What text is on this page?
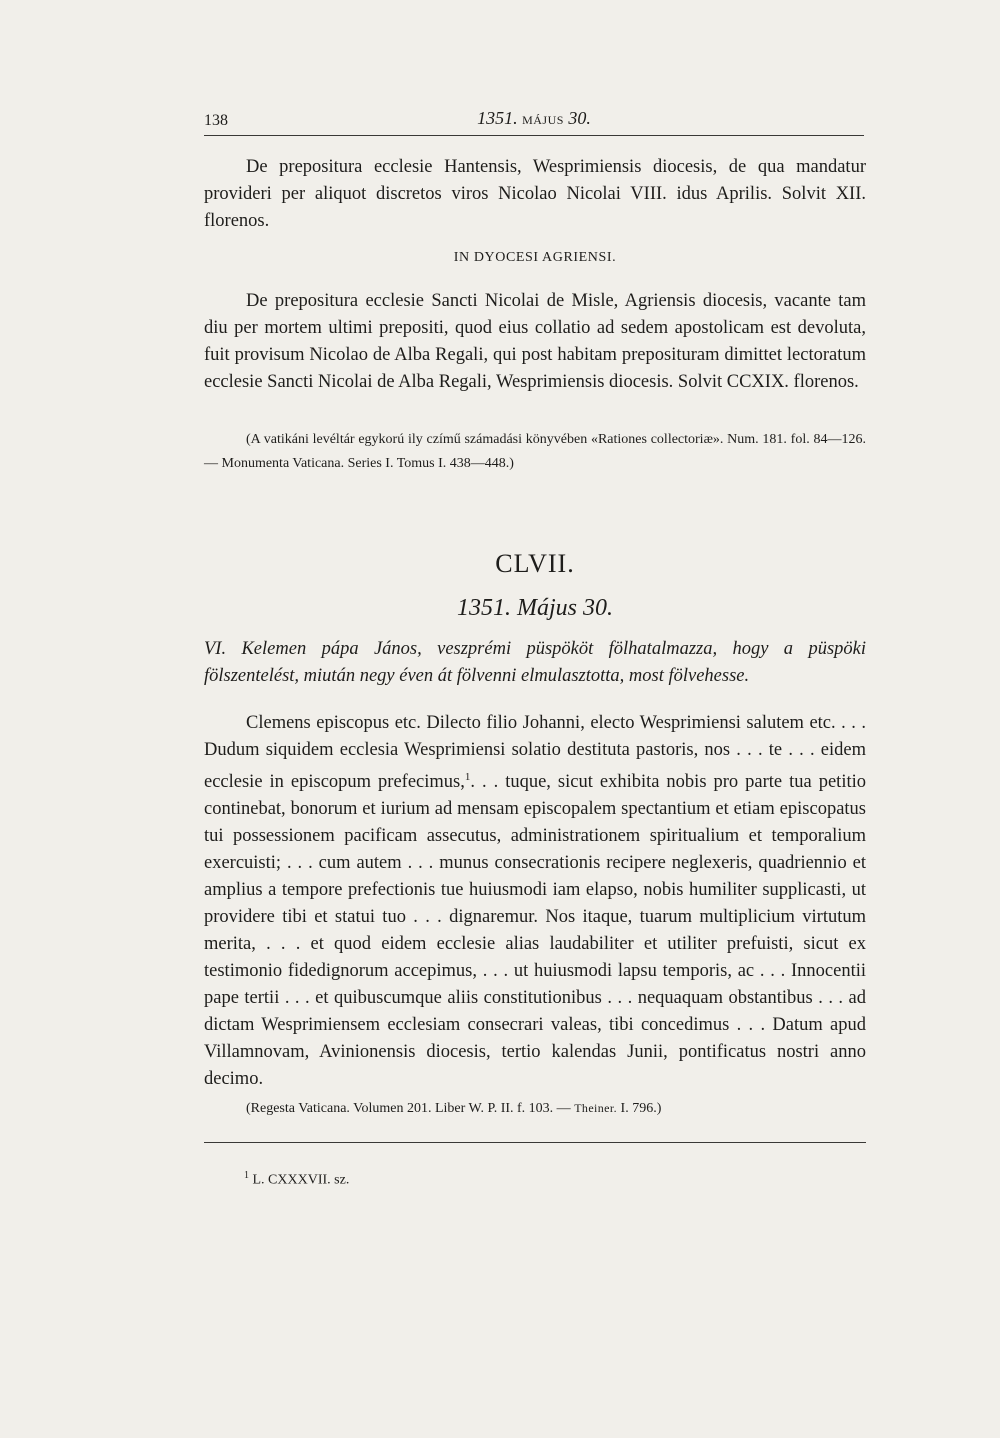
138	1351. MÁJUS 30.

De prepositura ecclesie Hantensis, Wesprimiensis diocesis, de qua mandatur provideri per aliquot discretos viros Nicolao Nicolai VIII. idus Aprilis. Solvit XII. florenos.

IN DYOCESI AGRIENSI.

De prepositura ecclesie Sancti Nicolai de Misle, Agriensis diocesis, vacante tam diu per mortem ultimi prepositi, quod eius collatio ad sedem apostolicam est devoluta, fuit provisum Nicolao de Alba Regali, qui post habitam preposituram dimittet lectoratum ecclesie Sancti Nicolai de Alba Regali, Wesprimiensis diocesis. Solvit CCXIX. florenos.

(A vatikáni levéltár egykorú ily czímű számadási könyvében «Rationes collectoriæ». Num. 181. fol. 84—126. — Monumenta Vaticana. Series I. Tomus I. 438—448.)

CLVII.
1351. Május 30.

VI. Kelemen pápa János, veszprémi püspököt fölhatalmazza, hogy a püspöki fölszentelést, miután negy éven át fölvenni elmulasztotta, most fölvehesse.

Clemens episcopus etc. Dilecto filio Johanni, electo Wesprimiensi salutem etc. . . . Dudum siquidem ecclesia Wesprimiensi solatio destituta pastoris, nos . . . te . . . eidem ecclesie in episcopum prefecimus,$^1$. . . tuque, sicut exhibita nobis pro parte tua petitio continebat, bonorum et iurium ad mensam episcopalem spectantium et etiam episcopatus tui possessionem pacificam assecutus, administrationem spiritualium et temporalium exercuisti; . . . cum autem . . . munus consecrationis recipere neglexeris, quadriennio et amplius a tempore prefectionis tue huiusmodi iam elapso, nobis humiliter supplicasti, ut providere tibi et statui tuo . . . dignaremur. Nos itaque, tuarum multiplicium virtutum merita, . . . et quod eidem ecclesie alias laudabiliter et utiliter prefuisti, sicut ex testimonio fidedignorum accepimus, . . . ut huiusmodi lapsu temporis, ac . . . Innocentii pape tertii . . . et quibuscumque aliis constitutionibus . . . nequaquam obstantibus . . . ad dictam Wesprimiensem ecclesiam consecrari valeas, tibi concedimus . . . Datum apud Villamnovam, Avinionensis diocesis, tertio kalendas Junii, pontificatus nostri anno decimo.

(Regesta Vaticana. Volumen 201. Liber W. P. II. f. 103. — Theiner. I. 796.)

$^1$ L. CXXXVII. sz.
